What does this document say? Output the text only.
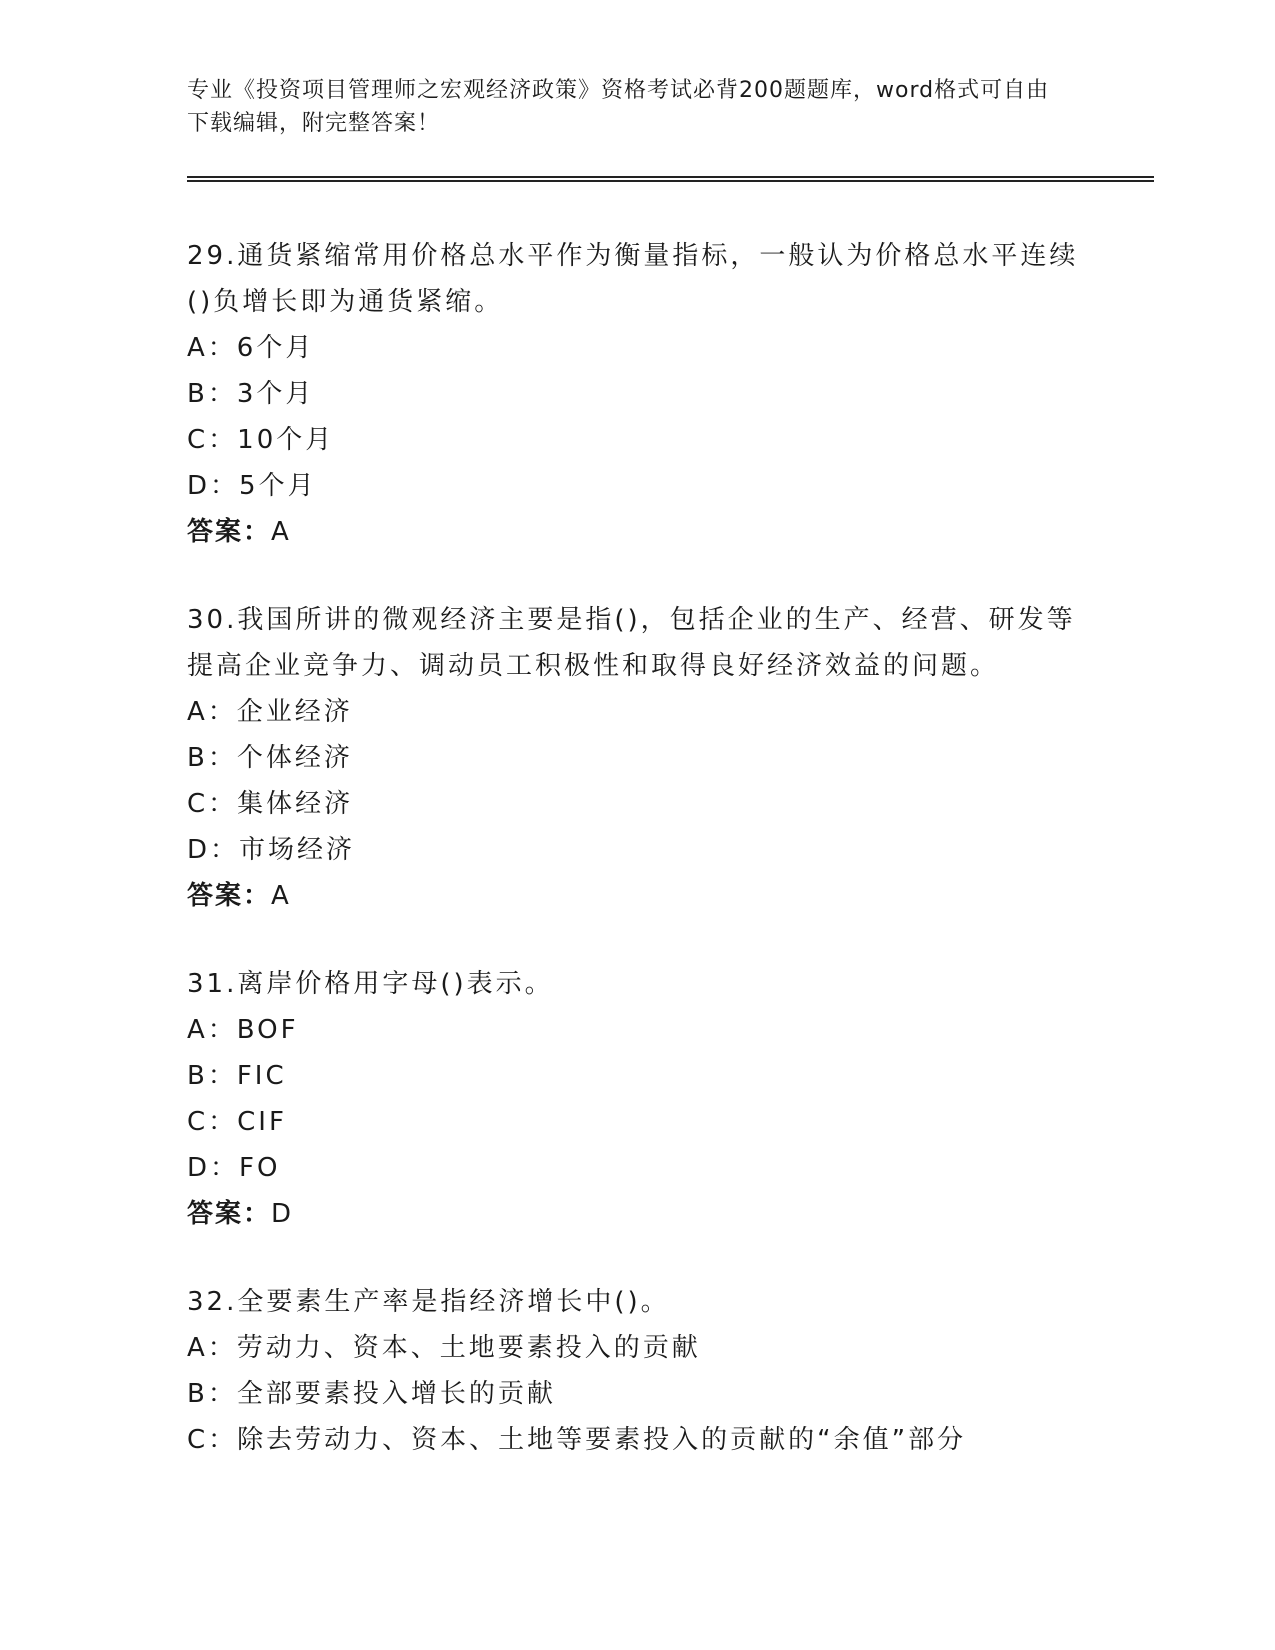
专业《投资项目管理师之宏观经济政策》资格考试必背200题题库，word格式可自由下载编辑，附完整答案！

29.通货紧缩常用价格总水平作为衡量指标，一般认为价格总水平连续()负增长即为通货紧缩。

A：6个月
B：3个月
C：10个月
D：5个月

答案：A

30.我国所讲的微观经济主要是指()，包括企业的生产、经营、研发等提高企业竞争力、调动员工积极性和取得良好经济效益的问题。

A：企业经济
B：个体经济
C：集体经济
D：市场经济

答案：A

31.离岸价格用字母()表示。

A：BOF
B：FIC
C：CIF
D：FO

答案：D

32.全要素生产率是指经济增长中()。

A：劳动力、资本、土地要素投入的贡献
B：全部要素投入增长的贡献
C：除去劳动力、资本、土地等要素投入的贡献的“余值”部分
